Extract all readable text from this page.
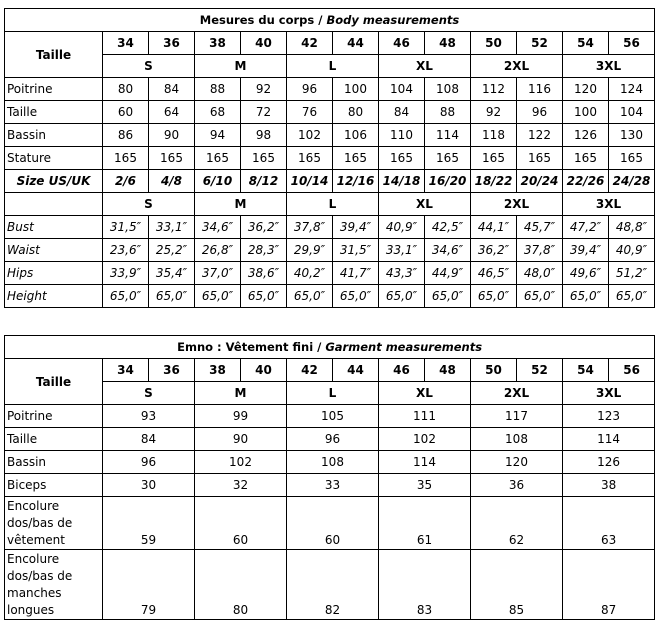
Mesures du corps / Body measurements												
Taille	34	36	38	40	42	44	46	48	50	52	54	56
	S		M		L		XL		2XL		3XL	
Poitrine	80	84	88	92	96	100	104	108	112	116	120	124
Taille	60	64	68	72	76	80	84	88	92	96	100	104
Bassin	86	90	94	98	102	106	110	114	118	122	126	130
Stature	165	165	165	165	165	165	165	165	165	165	165	165
Size US/UK	2/6	4/8	6/10	8/12	10/14	12/16	14/18	16/20	18/22	20/24	22/26	24/28
	S		M		L		XL		2XL		3XL	
Bust	31,5″	33,1″	34,6″	36,2″	37,8″	39,4″	40,9″	42,5″	44,1″	45,7″	47,2″	48,8″
Waist	23,6″	25,2″	26,8″	28,3″	29,9″	31,5″	33,1″	34,6″	36,2″	37,8″	39,4″	40,9″
Hips	33,9″	35,4″	37,0″	38,6″	40,2″	41,7″	43,3″	44,9″	46,5″	48,0″	49,6″	51,2″
Height	65,0″	65,0″	65,0″	65,0″	65,0″	65,0″	65,0″	65,0″	65,0″	65,0″	65,0″	65,0″
Emno : Vêtement fini / Garment measurements												
Taille	34	36	38	40	42	44	46	48	50	52	54	56
	S		M		L		XL		2XL		3XL	
Poitrine	93		99		105		111		117		123	
Taille	84		90		96		102		108		114	
Bassin	96		102		108		114		120		126	
Biceps	30		32		33		35		36		38	
Encolure dos/bas de vêtement	59		60		60		61		62		63	
Encolure dos/bas de manches longues	79		80		82		83		85		87	
